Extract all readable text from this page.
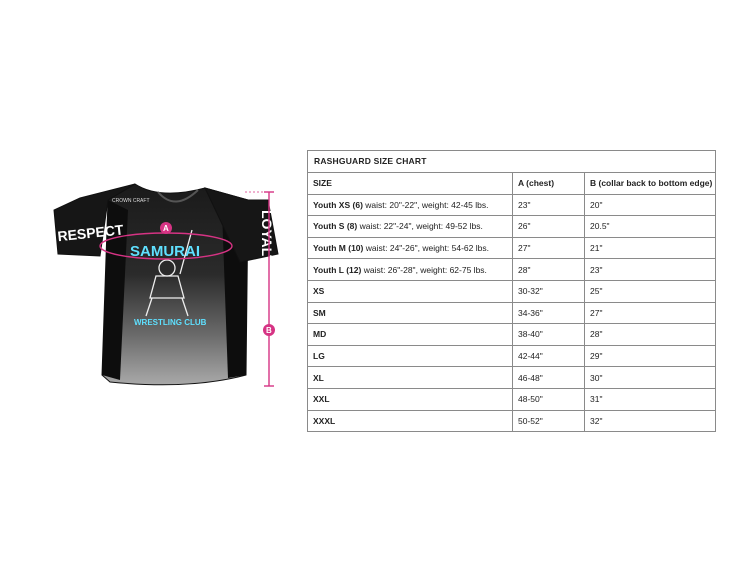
RESPECT	LOYALTY
CROWN CRAFT
SAMURAI
WRESTLING CLUB
A
B
RASHGUARD SIZE CHART
SIZE	A (chest)	B (collar back to bottom edge)
Youth XS (6) waist: 20"-22", weight: 42-45 lbs.	23"	20"
Youth S (8) waist: 22"-24", weight: 49-52 lbs.	26"	20.5"
Youth M (10) waist: 24"-26", weight: 54-62 lbs.	27"	21"
Youth L (12) waist: 26"-28", weight: 62-75 lbs.	28"	23"
XS	30-32"	25"
SM	34-36"	27"
MD	38-40"	28"
LG	42-44"	29"
XL	46-48"	30"
XXL	48-50"	31"
XXXL	50-52"	32"
